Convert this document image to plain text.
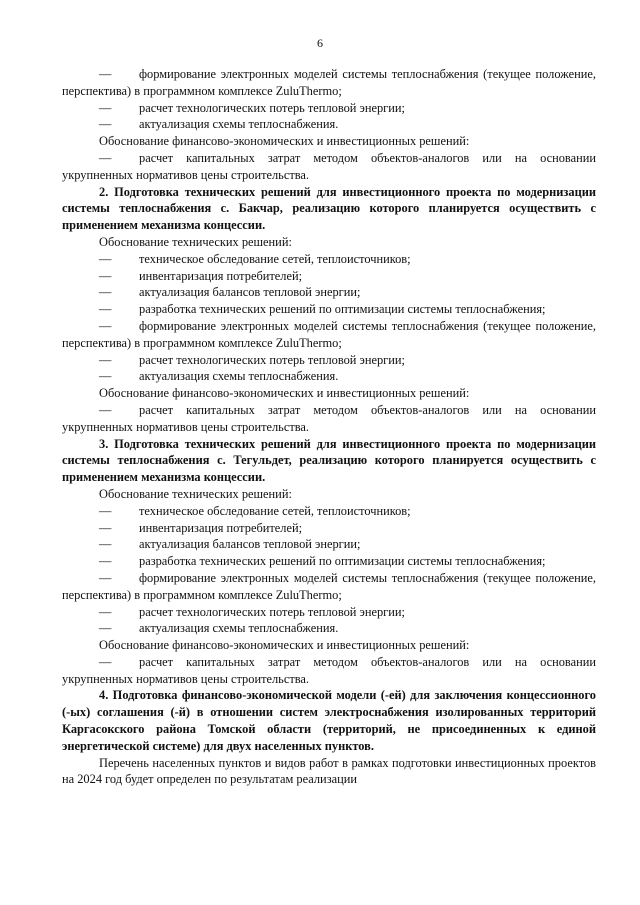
6

— формирование электронных моделей системы теплоснабжения (текущее положение, перспектива) в программном комплексе ZuluThermo;

— расчет технологических потерь тепловой энергии;

— актуализация схемы теплоснабжения.

Обоснование финансово-экономических и инвестиционных решений:

— расчет капитальных затрат методом объектов-аналогов или на основании укрупненных нормативов цены строительства.

2. Подготовка технических решений для инвестиционного проекта по модернизации системы теплоснабжения с. Бакчар, реализацию которого планируется осуществить с применением механизма концессии.

Обоснование технических решений:

— техническое обследование сетей, теплоисточников;

— инвентаризация потребителей;

— актуализация балансов тепловой энергии;

— разработка технических решений по оптимизации системы теплоснабжения;

— формирование электронных моделей системы теплоснабжения (текущее положение, перспектива) в программном комплексе ZuluThermo;

— расчет технологических потерь тепловой энергии;

— актуализация схемы теплоснабжения.

Обоснование финансово-экономических и инвестиционных решений:

— расчет капитальных затрат методом объектов-аналогов или на основании укрупненных нормативов цены строительства.

3. Подготовка технических решений для инвестиционного проекта по модернизации системы теплоснабжения с. Тегульдет, реализацию которого планируется осуществить с применением механизма концессии.

Обоснование технических решений:

— техническое обследование сетей, теплоисточников;

— инвентаризация потребителей;

— актуализация балансов тепловой энергии;

— разработка технических решений по оптимизации системы теплоснабжения;

— формирование электронных моделей системы теплоснабжения (текущее положение, перспектива) в программном комплексе ZuluThermo;

— расчет технологических потерь тепловой энергии;

— актуализация схемы теплоснабжения.

Обоснование финансово-экономических и инвестиционных решений:

— расчет капитальных затрат методом объектов-аналогов или на основании укрупненных нормативов цены строительства.

4. Подготовка финансово-экономической модели (-ей) для заключения концессионного (-ых) соглашения (-й) в отношении систем электроснабжения изолированных территорий Каргасокского района Томской области (территорий, не присоединенных к единой энергетической системе) для двух населенных пунктов.

Перечень населенных пунктов и видов работ в рамках подготовки инвестиционных проектов на 2024 год будет определен по результатам реализации
